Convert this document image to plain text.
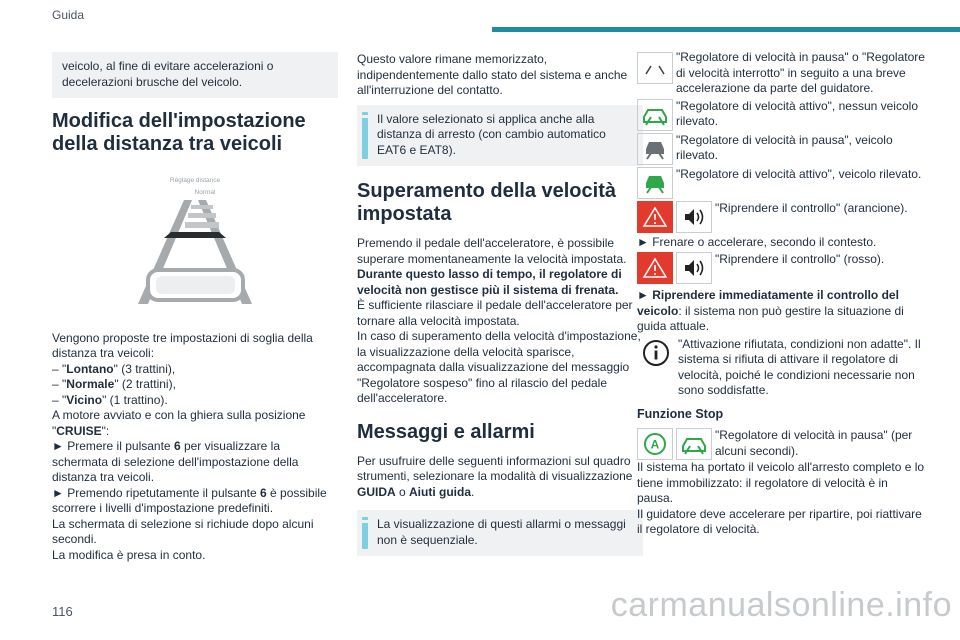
Guida

veicolo, al fine di evitare accelerazioni o decelerazioni brusche del veicolo.

Modifica dell'impostazione della distanza tra veicoli
Réglage distance
Normal

Vengono proposte tre impostazioni di soglia della distanza tra veicoli:

– "Lontano" (3 trattini),

– "Normale" (2 trattini),

– "Vicino" (1 trattino).

A motore avviato e con la ghiera sulla posizione "CRUISE":

► Premere il pulsante 6 per visualizzare la schermata di selezione dell'impostazione della distanza tra veicoli.

► Premendo ripetutamente il pulsante 6 è possibile scorrere i livelli d'impostazione predefiniti.

La schermata di selezione si richiude dopo alcuni secondi.

La modifica è presa in conto.

Questo valore rimane memorizzato, indipendentemente dallo stato del sistema e anche all'interruzione del contatto.

Il valore selezionato si applica anche alla distanza di arresto (con cambio automatico EAT6 e EAT8).

Superamento della velocità impostata

Premendo il pedale dell'acceleratore, è possibile superare momentaneamente la velocità impostata.

Durante questo lasso di tempo, il regolatore di velocità non gestisce più il sistema di frenata.

È sufficiente rilasciare il pedale dell'acceleratore per tornare alla velocità impostata.

In caso di superamento della velocità d'impostazione, la visualizzazione della velocità sparisce, accompagnata dalla visualizzazione del messaggio "Regolatore sospeso" fino al rilascio del pedale dell'acceleratore.

Messaggi e allarmi

Per usufruire delle seguenti informazioni sul quadro strumenti, selezionare la modalità di visualizzazione GUIDA o Aiuti guida.

La visualizzazione di questi allarmi o messaggi non è sequenziale.

"Regolatore di velocità in pausa" o "Regolatore di velocità interrotto" in seguito a una breve accelerazione da parte del guidatore.

"Regolatore di velocità attivo", nessun veicolo rilevato.

"Regolatore di velocità in pausa", veicolo rilevato.

"Regolatore di velocità attivo", veicolo rilevato.

"Riprendere il controllo" (arancione).

► Frenare o accelerare, secondo il contesto.

"Riprendere il controllo" (rosso).

► Riprendere immediatamente il controllo del veicolo: il sistema non può gestire la situazione di guida attuale.

"Attivazione rifiutata, condizioni non adatte". Il sistema si rifiuta di attivare il regolatore di velocità, poiché le condizioni necessarie non sono soddisfatte.

Funzione Stop
A

"Regolatore di velocità in pausa" (per alcuni secondi).

Il sistema ha portato il veicolo all'arresto completo e lo tiene immobilizzato: il regolatore di velocità è in pausa.

Il guidatore deve accelerare per ripartire, poi riattivare il regolatore di velocità.

116	carmanualsonline.info
